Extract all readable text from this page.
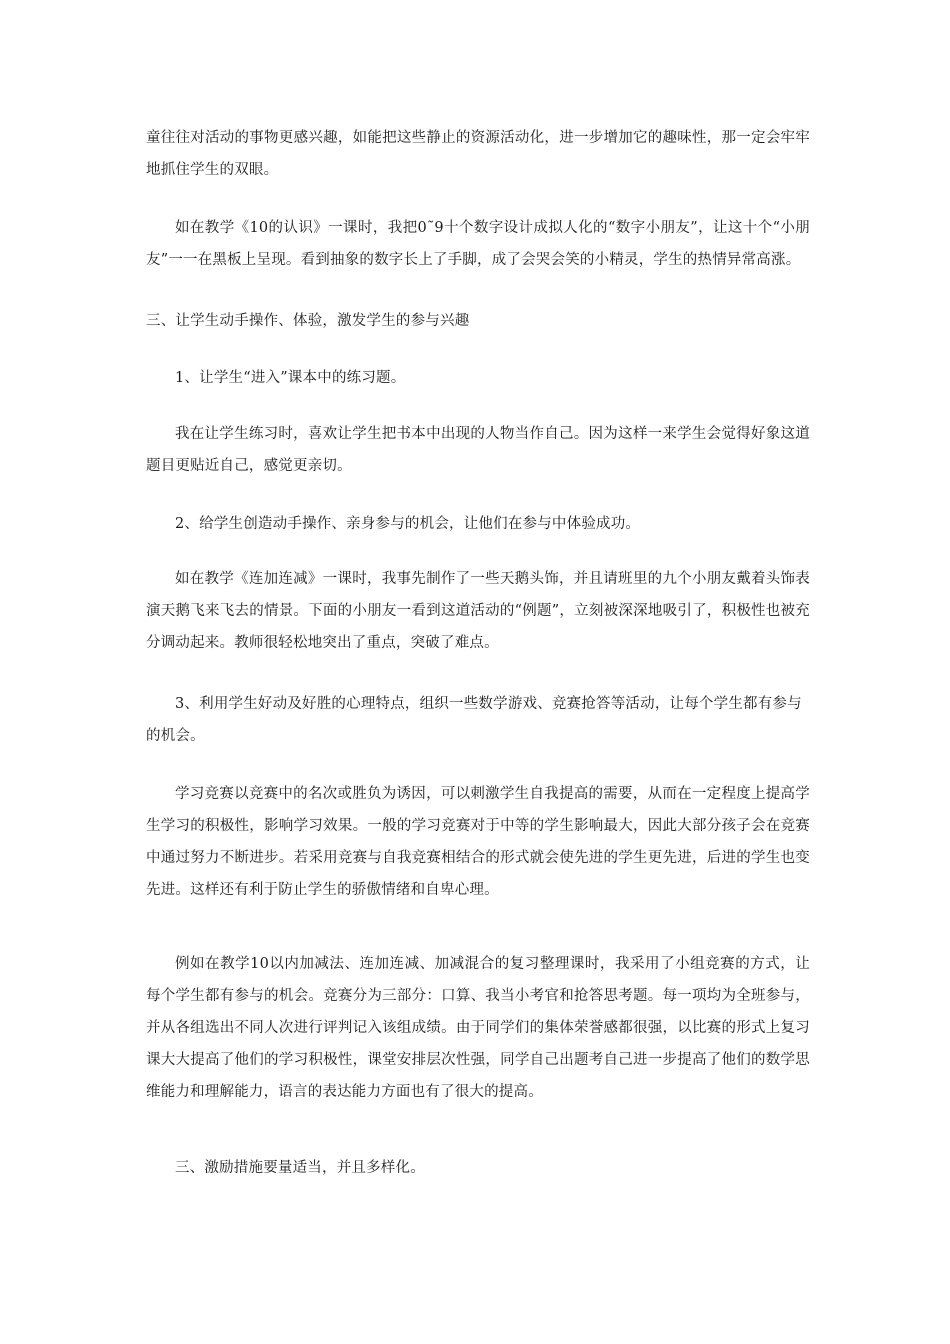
童往往对活动的事物更感兴趣，如能把这些静止的资源活动化，进一步增加它的趣味性，那一定会牢牢地抓住学生的双眼。

如在教学《10的认识》一课时，我把0˜9十个数字设计成拟人化的“数字小朋友”，让这十个“小朋友”一一在黑板上呈现。看到抽象的数字长上了手脚，成了会哭会笑的小精灵，学生的热情异常高涨。

三、让学生动手操作、体验，激发学生的参与兴趣

1、让学生“进入”课本中的练习题。

我在让学生练习时，喜欢让学生把书本中出现的人物当作自己。因为这样一来学生会觉得好象这道题目更贴近自己，感觉更亲切。

2、给学生创造动手操作、亲身参与的机会，让他们在参与中体验成功。

如在教学《连加连减》一课时，我事先制作了一些天鹅头饰，并且请班里的九个小朋友戴着头饰表演天鹅飞来飞去的情景。下面的小朋友一看到这道活动的“例题”，立刻被深深地吸引了，积极性也被充分调动起来。教师很轻松地突出了重点，突破了难点。

3、利用学生好动及好胜的心理特点，组织一些数学游戏、竞赛抢答等活动，让每个学生都有参与的机会。

学习竞赛以竞赛中的名次或胜负为诱因，可以刺激学生自我提高的需要，从而在一定程度上提高学生学习的积极性，影响学习效果。一般的学习竞赛对于中等的学生影响最大，因此大部分孩子会在竞赛中通过努力不断进步。若采用竞赛与自我竞赛相结合的形式就会使先进的学生更先进，后进的学生也变先进。这样还有利于防止学生的骄傲情绪和自卑心理。

例如在教学10以内加减法、连加连减、加减混合的复习整理课时，我采用了小组竞赛的方式，让每个学生都有参与的机会。竞赛分为三部分：口算、我当小考官和抢答思考题。每一项均为全班参与，并从各组选出不同人次进行评判记入该组成绩。由于同学们的集体荣誉感都很强，以比赛的形式上复习课大大提高了他们的学习积极性，课堂安排层次性强，同学自己出题考自己进一步提高了他们的数学思维能力和理解能力，语言的表达能力方面也有了很大的提高。

三、激励措施要量适当，并且多样化。
